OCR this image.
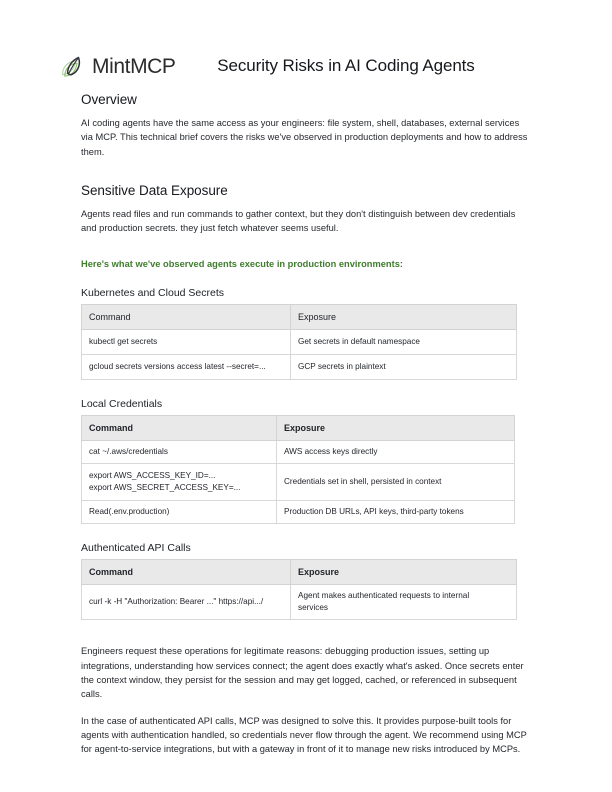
MintMCP	Security Risks in AI Coding Agents
Overview

AI coding agents have the same access as your engineers: file system, shell, databases, external services via MCP. This technical brief covers the risks we've observed in production deployments and how to address them.

Sensitive Data Exposure

Agents read files and run commands to gather context, but they don't distinguish between dev credentials and production secrets. they just fetch whatever seems useful.

Here's what we've observed agents execute in production environments:

Kubernetes and Cloud Secrets
Command	Exposure
kubectl get secrets	Get secrets in default namespace
gcloud secrets versions access latest --secret=...	GCP secrets in plaintext
Local Credentials
Command	Exposure
cat ~/.aws/credentials	AWS access keys directly

export AWS_ACCESS_KEY_ID=...
export AWS_SECRET_ACCESS_KEY=...	Credentials set in shell, persisted in context

Read(.env.production)	Production DB URLs, API keys, third-party tokens
Authenticated API Calls
Command	Exposure
curl -k -H "Authorization: Bearer ..." https://api.../	Agent makes authenticated requests to internal
services

Engineers request these operations for legitimate reasons: debugging production issues, setting up integrations, understanding how services connect; the agent does exactly what's asked. Once secrets enter the context window, they persist for the session and may get logged, cached, or referenced in subsequent calls.

In the case of authenticated API calls, MCP was designed to solve this. It provides purpose-built tools for agents with authentication handled, so credentials never flow through the agent. We recommend using MCP for agent-to-service integrations, but with a gateway in front of it to manage new risks introduced by MCPs.
